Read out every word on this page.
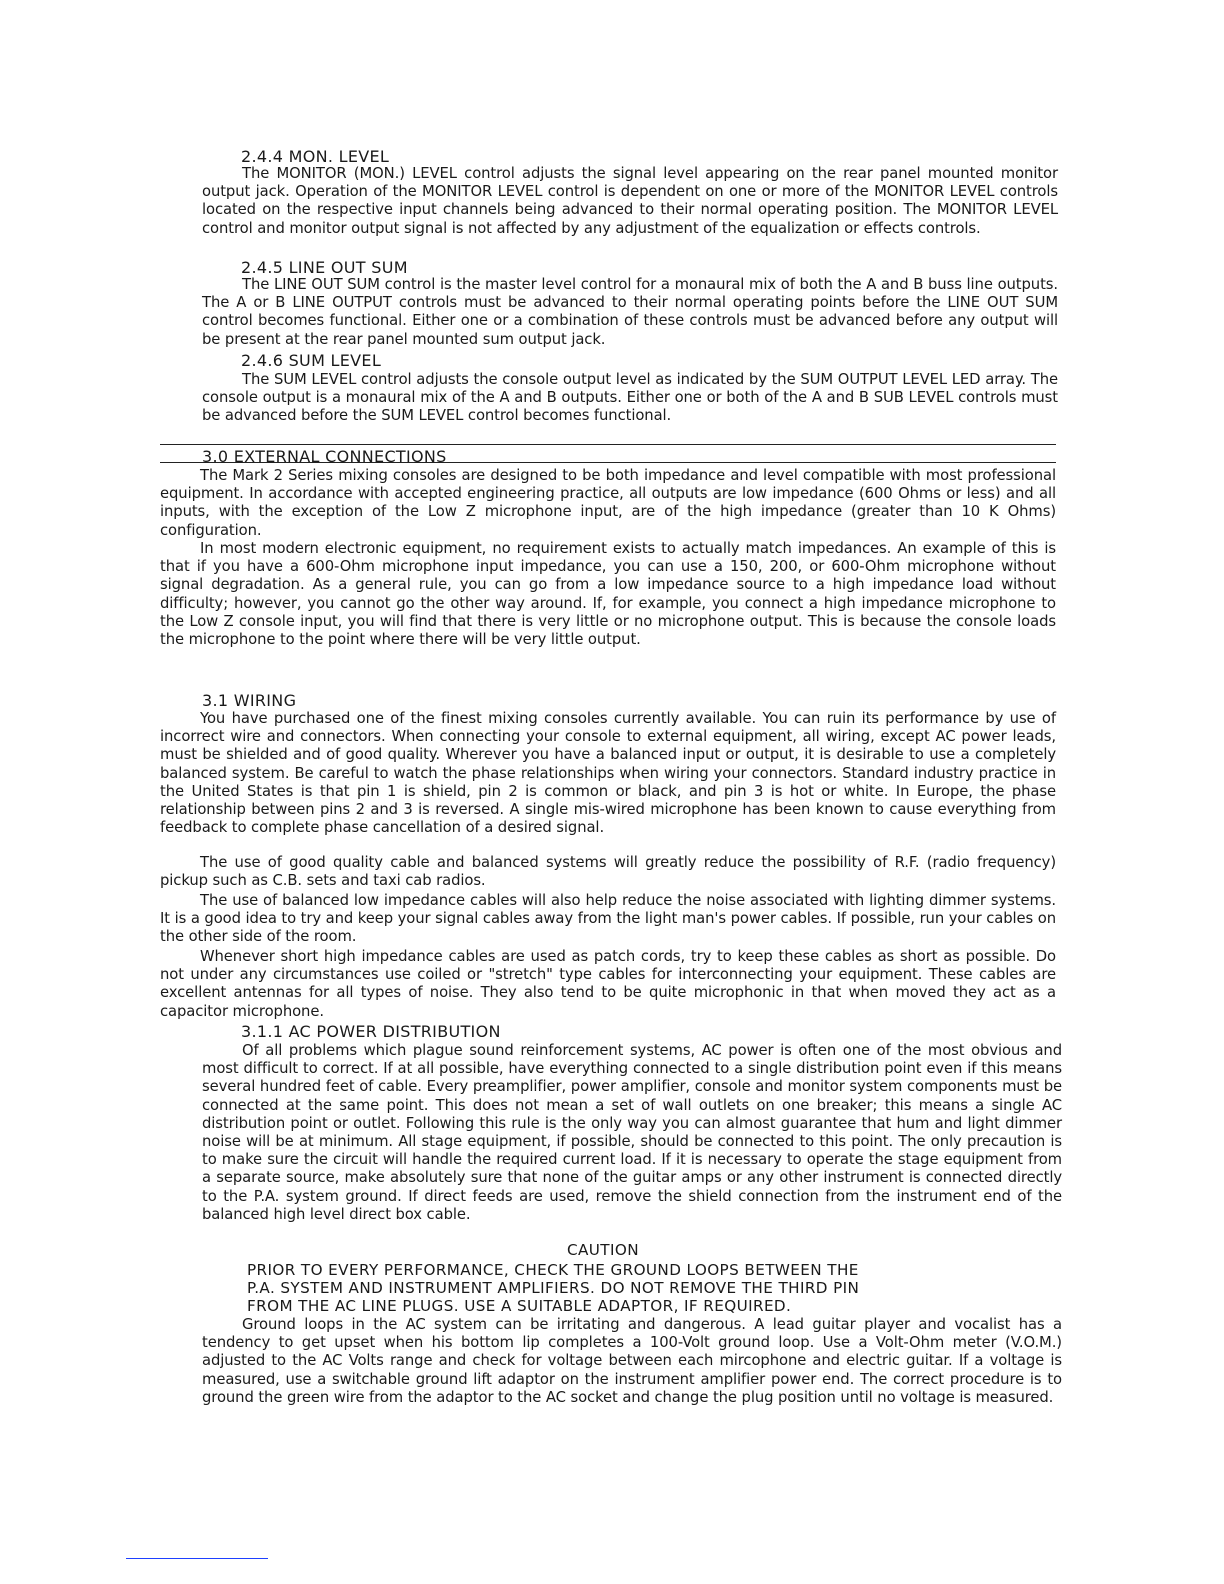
2.4.4 MON. LEVEL

The MONITOR (MON.) LEVEL control adjusts the signal level appearing on the rear panel mounted monitor output jack. Operation of the MONITOR LEVEL control is dependent on one or more of the MONITOR LEVEL controls located on the respective input channels being advanced to their normal operating position. The MONITOR LEVEL control and monitor output signal is not affected by any adjustment of the equalization or effects controls.

2.4.5 LINE OUT SUM

The LINE OUT SUM control is the master level control for a monaural mix of both the A and B buss line outputs. The A or B LINE OUTPUT controls must be advanced to their normal operating points before the LINE OUT SUM control becomes functional. Either one or a combination of these controls must be advanced before any output will be present at the rear panel mounted sum output jack.

2.4.6 SUM LEVEL

The SUM LEVEL control adjusts the console output level as indicated by the SUM OUTPUT LEVEL LED array. The console output is a monaural mix of the A and B outputs. Either one or both of the A and B SUB LEVEL controls must be advanced before the SUM LEVEL control becomes functional.

3.0 EXTERNAL CONNECTIONS

The Mark 2 Series mixing consoles are designed to be both impedance and level compatible with most professional equipment. In accordance with accepted engineering practice, all outputs are low impedance (600 Ohms or less) and all inputs, with the exception of the Low Z microphone input, are of the high impedance (greater than 10 K Ohms) configuration.

In most modern electronic equipment, no requirement exists to actually match impedances. An example of this is that if you have a 600-Ohm microphone input impedance, you can use a 150, 200, or 600-Ohm microphone without signal degradation. As a general rule, you can go from a low impedance source to a high impedance load without difficulty; however, you cannot go the other way around. If, for example, you connect a high impedance microphone to the Low Z console input, you will find that there is very little or no microphone output. This is because the console loads the microphone to the point where there will be very little output.

3.1 WIRING

You have purchased one of the finest mixing consoles currently available. You can ruin its performance by use of incorrect wire and connectors. When connecting your console to external equipment, all wiring, except AC power leads, must be shielded and of good quality. Wherever you have a balanced input or output, it is desirable to use a completely balanced system. Be careful to watch the phase relationships when wiring your connectors. Standard industry practice in the United States is that pin 1 is shield, pin 2 is common or black, and pin 3 is hot or white. In Europe, the phase relationship between pins 2 and 3 is reversed. A single mis-wired microphone has been known to cause everything from feedback to complete phase cancellation of a desired signal.

The use of good quality cable and balanced systems will greatly reduce the possibility of R.F. (radio frequency) pickup such as C.B. sets and taxi cab radios.

The use of balanced low impedance cables will also help reduce the noise associated with lighting dimmer systems. It is a good idea to try and keep your signal cables away from the light man's power cables. If possible, run your cables on the other side of the room.

Whenever short high impedance cables are used as patch cords, try to keep these cables as short as possible. Do not under any circumstances use coiled or "stretch" type cables for interconnecting your equipment. These cables are excellent antennas for all types of noise. They also tend to be quite microphonic in that when moved they act as a capacitor microphone.

3.1.1 AC POWER DISTRIBUTION

Of all problems which plague sound reinforcement systems, AC power is often one of the most obvious and most difficult to correct. If at all possible, have everything connected to a single distribution point even if this means several hundred feet of cable. Every preamplifier, power amplifier, console and monitor system components must be connected at the same point. This does not mean a set of wall outlets on one breaker; this means a single AC distribution point or outlet. Following this rule is the only way you can almost guarantee that hum and light dimmer noise will be at minimum. All stage equipment, if possible, should be connected to this point. The only precaution is to make sure the circuit will handle the required current load. If it is necessary to operate the stage equipment from a separate source, make absolutely sure that none of the guitar amps or any other instrument is connected directly to the P.A. system ground. If direct feeds are used, remove the shield connection from the instrument end of the balanced high level direct box cable.

CAUTION
PRIOR TO EVERY PERFORMANCE, CHECK THE GROUND LOOPS BETWEEN THE
P.A. SYSTEM AND INSTRUMENT AMPLIFIERS. DO NOT REMOVE THE THIRD PIN
FROM THE AC LINE PLUGS. USE A SUITABLE ADAPTOR, IF REQUIRED.

Ground loops in the AC system can be irritating and dangerous. A lead guitar player and vocalist has a tendency to get upset when his bottom lip completes a 100-Volt ground loop. Use a Volt-Ohm meter (V.O.M.) adjusted to the AC Volts range and check for voltage between each mircophone and electric guitar. If a voltage is measured, use a switchable ground lift adaptor on the instrument amplifier power end. The correct procedure is to ground the green wire from the adaptor to the AC socket and change the plug position until no voltage is measured.
